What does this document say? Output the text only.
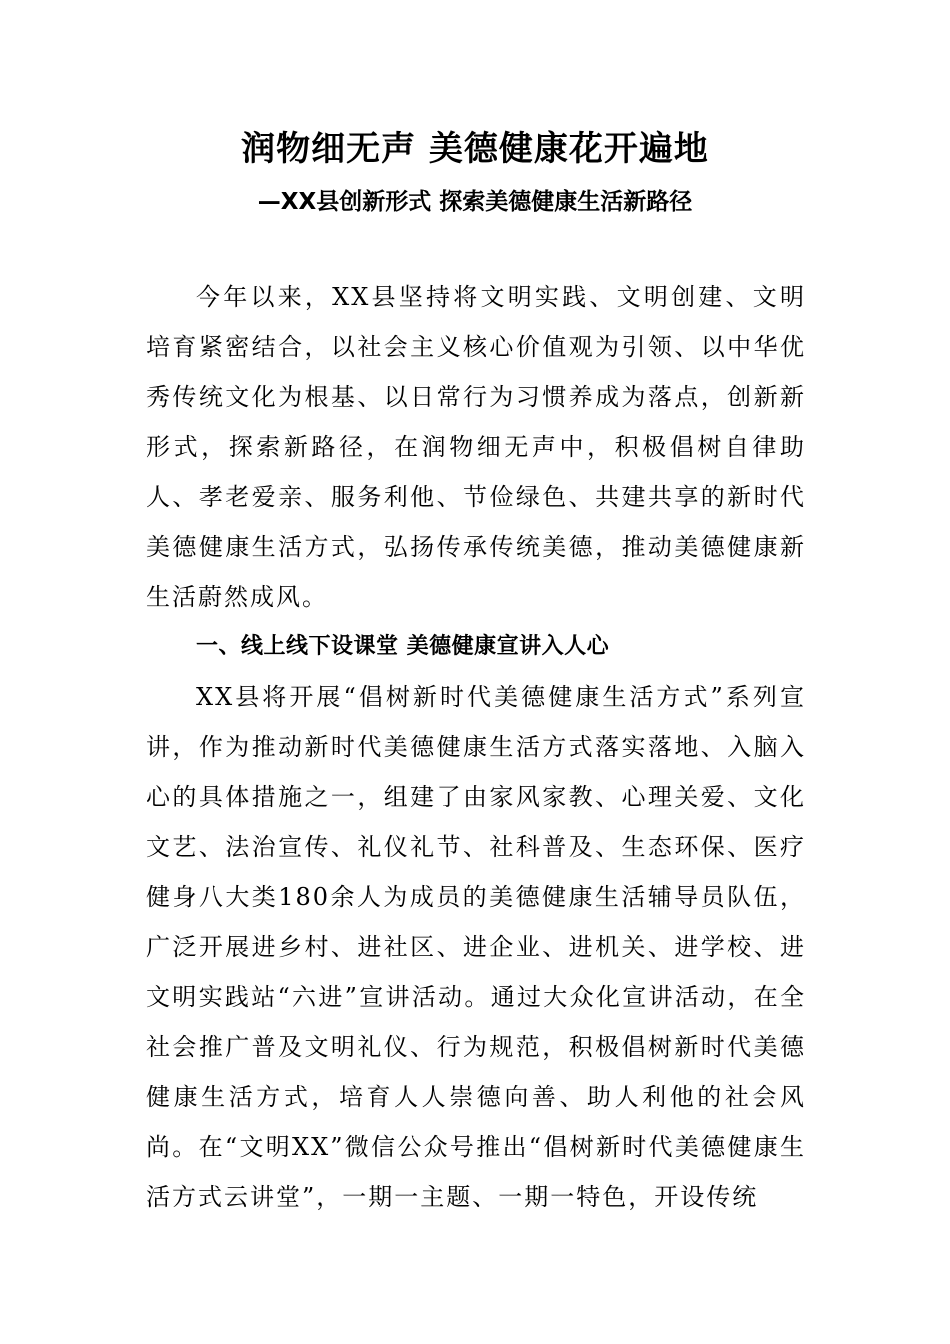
润物细无声 美德健康花开遍地
—XX县创新形式 探索美德健康生活新路径

今年以来，XX县坚持将文明实践、文明创建、文明培育紧密结合，以社会主义核心价值观为引领、以中华优秀传统文化为根基、以日常行为习惯养成为落点，创新新形式，探索新路径，在润物细无声中，积极倡树自律助人、孝老爱亲、服务利他、节俭绿色、共建共享的新时代美德健康生活方式，弘扬传承传统美德，推动美德健康新生活蔚然成风。

一、线上线下设课堂 美德健康宣讲入人心

XX县将开展“倡树新时代美德健康生活方式”系列宣讲，作为推动新时代美德健康生活方式落实落地、入脑入心的具体措施之一，组建了由家风家教、心理关爱、文化文艺、法治宣传、礼仪礼节、社科普及、生态环保、医疗健身八大类180余人为成员的美德健康生活辅导员队伍，广泛开展进乡村、进社区、进企业、进机关、进学校、进文明实践站“六进”宣讲活动。通过大众化宣讲活动，在全社会推广普及文明礼仪、行为规范，积极倡树新时代美德健康生活方式，培育人人崇德向善、助人利他的社会风尚。在“文明XX”微信公众号推出“倡树新时代美德健康生活方式云讲堂”，一期一主题、一期一特色，开设传统
